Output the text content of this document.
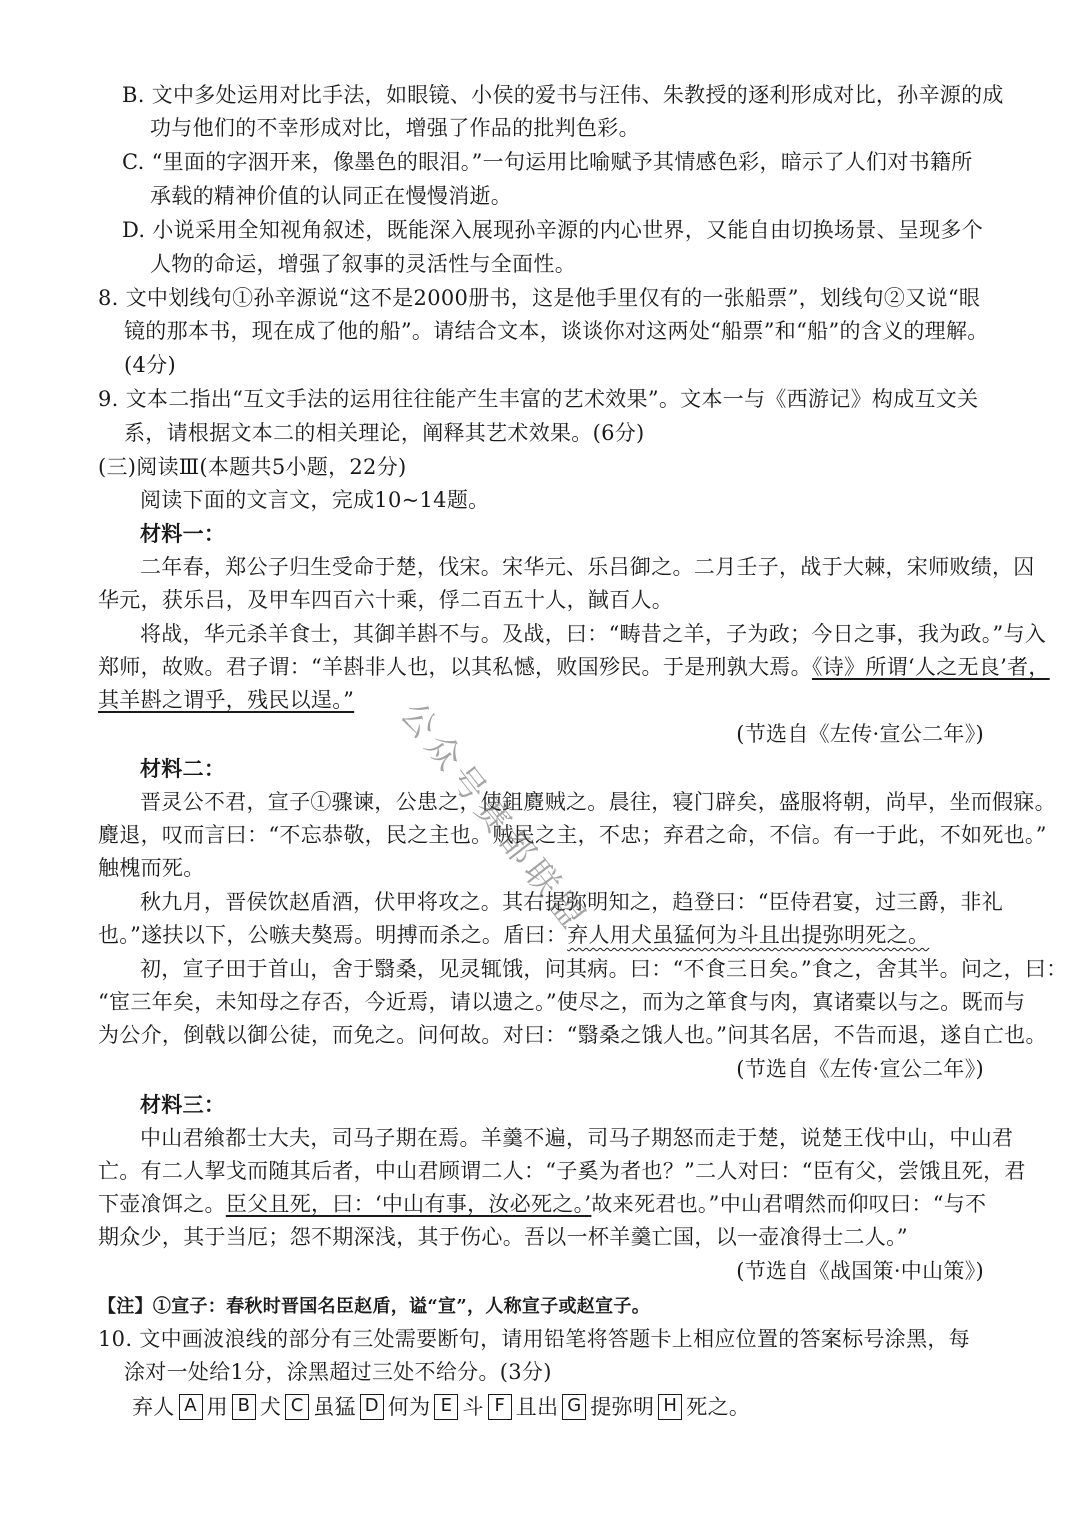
B. 文中多处运用对比手法，如眼镜、小侯的爱书与汪伟、朱教授的逐利形成对比，孙辛源的成
功与他们的不幸形成对比，增强了作品的批判色彩。
C. “里面的字洇开来，像墨色的眼泪。”一句运用比喻赋予其情感色彩，暗示了人们对书籍所
承载的精神价值的认同正在慢慢消逝。
D. 小说采用全知视角叙述，既能深入展现孙辛源的内心世界，又能自由切换场景、呈现多个
人物的命运，增强了叙事的灵活性与全面性。
8. 文中划线句①孙辛源说“这不是2000册书，这是他手里仅有的一张船票”，划线句②又说“眼
镜的那本书，现在成了他的船”。请结合文本，谈谈你对这两处“船票”和“船”的含义的理解。
(4分)
9. 文本二指出“互文手法的运用往往能产生丰富的艺术效果”。文本一与《西游记》构成互文关
系，请根据文本二的相关理论，阐释其艺术效果。(6分)
(三)阅读Ⅲ(本题共5小题，22分)
阅读下面的文言文，完成10~14题。
材料一：
二年春，郑公子归生受命于楚，伐宋。宋华元、乐吕御之。二月壬子，战于大棘，宋师败绩，囚
华元，获乐吕，及甲车四百六十乘，俘二百五十人，馘百人。
将战，华元杀羊食士，其御羊斟不与。及战，曰：“畴昔之羊，子为政；今日之事，我为政。”与入
郑师，故败。君子谓：“羊斟非人也，以其私憾，败国殄民。于是刑孰大焉。《诗》所谓‘人之无良’者，
其羊斟之谓乎，残民以逞。”
(节选自《左传·宣公二年》)
材料二：
晋灵公不君，宣子①骤谏，公患之，使鉏麑贼之。晨往，寝门辟矣，盛服将朝，尚早，坐而假寐。
麑退，叹而言曰：“不忘恭敬，民之主也。贼民之主，不忠；弃君之命，不信。有一于此，不如死也。”
触槐而死。
秋九月，晋侯饮赵盾酒，伏甲将攻之。其右提弥明知之，趋登曰：“臣侍君宴，过三爵，非礼
也。”遂扶以下，公嗾夫獒焉。明搏而杀之。盾曰：弃人用犬虽猛何为斗且出提弥明死之。
初，宣子田于首山，舍于翳桑，见灵辄饿，问其病。曰：“不食三日矣。”食之，舍其半。问之，曰：
“宦三年矣，未知母之存否，今近焉，请以遗之。”使尽之，而为之箪食与肉，寘诸橐以与之。既而与
为公介，倒戟以御公徒，而免之。问何故。对曰：“翳桑之饿人也。”问其名居，不告而退，遂自亡也。
(节选自《左传·宣公二年》)
材料三：
中山君飨都士大夫，司马子期在焉。羊羹不遍，司马子期怒而走于楚，说楚王伐中山，中山君
亡。有二人挈戈而随其后者，中山君顾谓二人：“子奚为者也？”二人对曰：“臣有父，尝饿且死，君
下壶飡饵之。臣父且死，曰：‘中山有事，汝必死之。’故来死君也。”中山君喟然而仰叹曰：“与不
期众少，其于当厄；怨不期深浅，其于伤心。吾以一杯羊羹亡国，以一壶飡得士二人。”
(节选自《战国策·中山策》)
【注】①宣子：春秋时晋国名臣赵盾，谥“宣”，人称宣子或赵宣子。
10. 文中画波浪线的部分有三处需要断句，请用铅笔将答题卡上相应位置的答案标号涂黑，每
涂对一处给1分，涂黑超过三处不给分。(3分)
弃人 A 用 B 犬 C 虽猛 D 何为 E 斗 F 且出 G 提弥明 H 死之。
公众号赛都联盟
